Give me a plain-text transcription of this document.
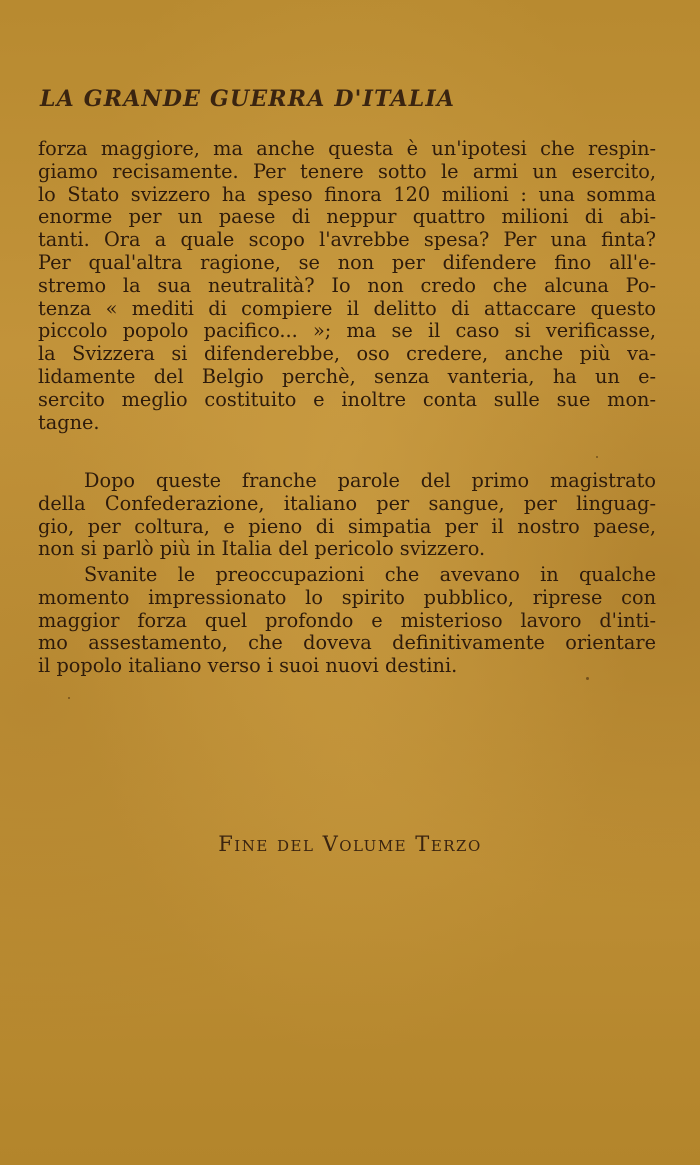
LA GRANDE GUERRA D'ITALIA
forza maggiore, ma anche questa è un'ipotesi che respin-
giamo recisamente. Per tenere sotto le armi un esercito,
lo Stato svizzero ha speso finora 120 milioni : una somma
enorme per un paese di neppur quattro milioni di abi-
tanti. Ora a quale scopo l'avrebbe spesa? Per una finta?
Per qual'altra ragione, se non per difendere fino all'e-
stremo la sua neutralità? Io non credo che alcuna Po-
tenza « mediti di compiere il delitto di attaccare questo
piccolo popolo pacifico... »; ma se il caso si verificasse,
la Svizzera si difenderebbe, oso credere, anche più va-
lidamente del Belgio perchè, senza vanteria, ha un e-
sercito meglio costituito e inoltre conta sulle sue mon-
tagne.
Dopo queste franche parole del primo magistrato
della Confederazione, italiano per sangue, per linguag-
gio, per coltura, e pieno di simpatia per il nostro paese,
non si parlò più in Italia del pericolo svizzero.
Svanite le preoccupazioni che avevano in qualche
momento impressionato lo spirito pubblico, riprese con
maggior forza quel profondo e misterioso lavoro d'inti-
mo assestamento, che doveva definitivamente orientare
il popolo italiano verso i suoi nuovi destini.

Fine del Volume Terzo
